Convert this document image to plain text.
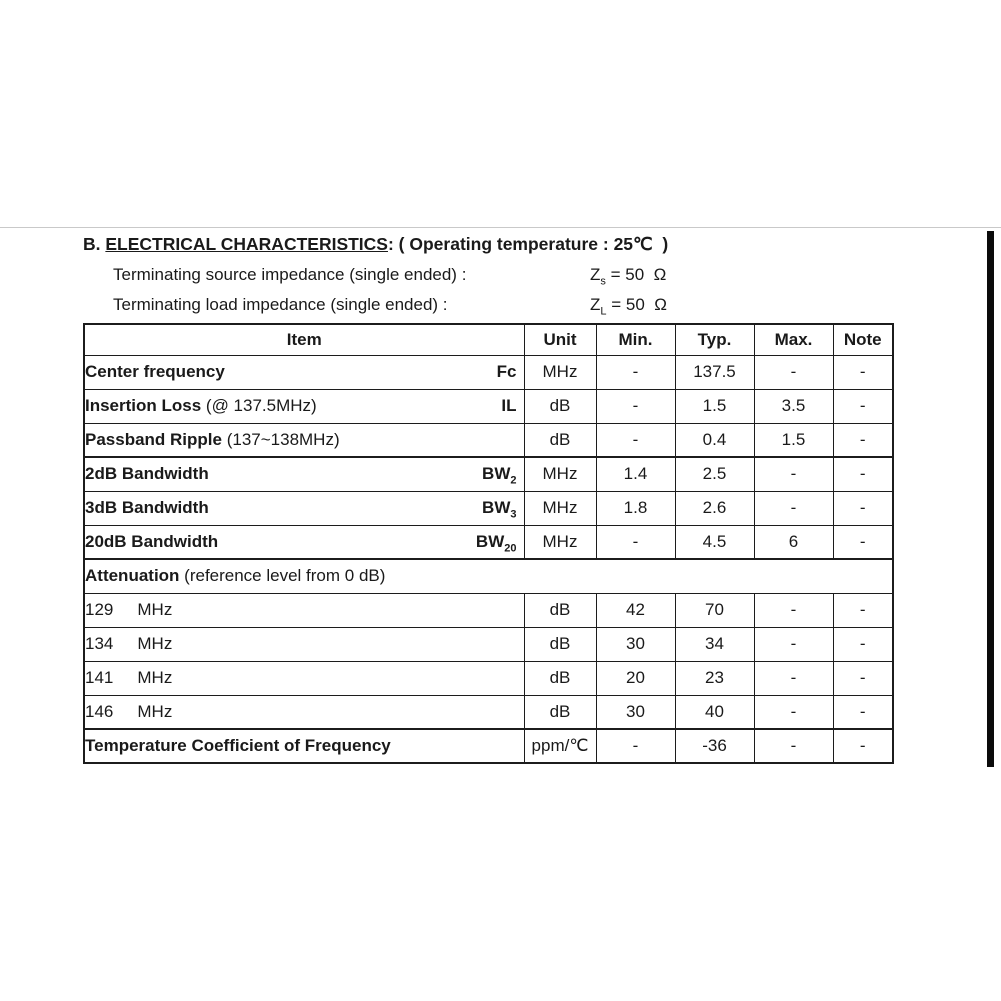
B. ELECTRICAL CHARACTERISTICS: ( Operating temperature : 25℃  )
Terminating source impedance (single ended) :	$Z_s = 50$  Ω
Terminating load impedance (single ended) :	$Z_L = 50$  Ω
Item	Unit	Min.	Typ.	Max.	Note

Fc
Center frequency	MHz	-	137.5	-	-

IL
Insertion Loss (@ 137.5MHz)	dB	-	1.5	3.5	-
Passband Ripple (137~138MHz)	dB	-	0.4	1.5	-

$BW_2$
2dB Bandwidth	MHz	1.4	2.5	-	-

$BW_3$
3dB Bandwidth	MHz	1.8	2.6	-	-

$BW_{20}$
20dB Bandwidth	MHz	-	4.5	6	-
Attenuation (reference level from 0 dB)					
129 MHz	dB	42	70	-	-
134 MHz	dB	30	34	-	-
141 MHz	dB	20	23	-	-
146 MHz	dB	30	40	-	-
Temperature Coefficient of Frequency	ppm/℃	-	-36	-	-
